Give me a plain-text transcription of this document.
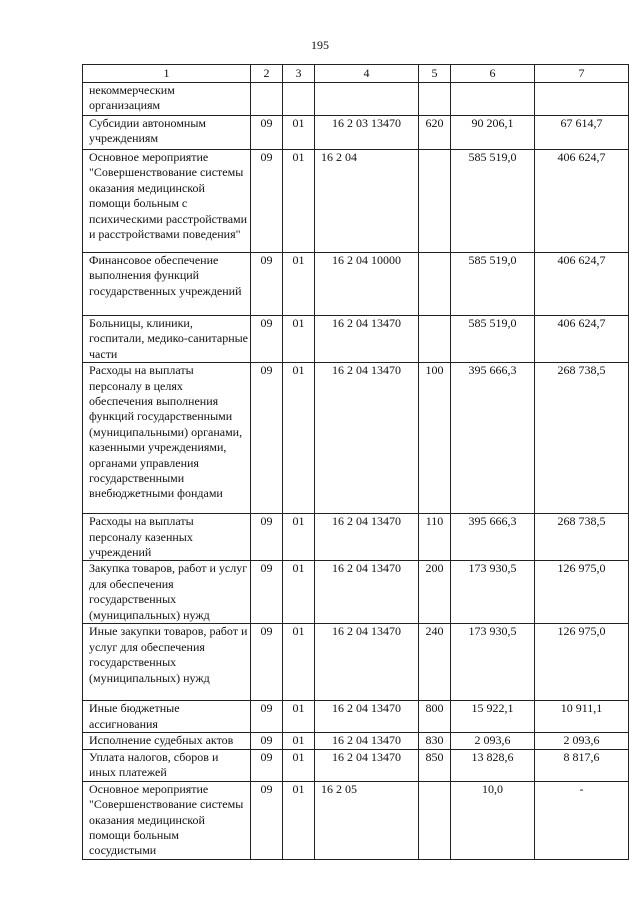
195
1	2	3	4	5	6	7
некоммерческим организациям						
Субсидии автономным учреждениям	09	01	16 2 03 13470	620	90 206,1	67 614,7
Основное мероприятие "Совершенствование системы оказания медицинской помощи больным с психическими расстройствами и расстройствами поведения"	09	01	16 2 04		585 519,0	406 624,7
Финансовое обеспечение выполнения функций государственных учреждений	09	01	16 2 04 10000		585 519,0	406 624,7
Больницы, клиники, госпитали, медико-санитарные части	09	01	16 2 04 13470		585 519,0	406 624,7
Расходы на выплаты персоналу в целях обеспечения выполнения функций государственными (муниципальными) органами, казенными учреждениями, органами управления государственными внебюджетными фондами	09	01	16 2 04 13470	100	395 666,3	268 738,5
Расходы на выплаты персоналу казенных учреждений	09	01	16 2 04 13470	110	395 666,3	268 738,5
Закупка товаров, работ и услуг для обеспечения государственных (муниципальных) нужд	09	01	16 2 04 13470	200	173 930,5	126 975,0
Иные закупки товаров, работ и услуг для обеспечения государственных (муниципальных) нужд	09	01	16 2 04 13470	240	173 930,5	126 975,0
Иные бюджетные ассигнования	09	01	16 2 04 13470	800	15 922,1	10 911,1
Исполнение судебных актов	09	01	16 2 04 13470	830	2 093,6	2 093,6
Уплата налогов, сборов и иных платежей	09	01	16 2 04 13470	850	13 828,6	8 817,6
Основное мероприятие "Совершенствование системы оказания медицинской помощи больным сосудистыми	09	01	16 2 05		10,0	-
